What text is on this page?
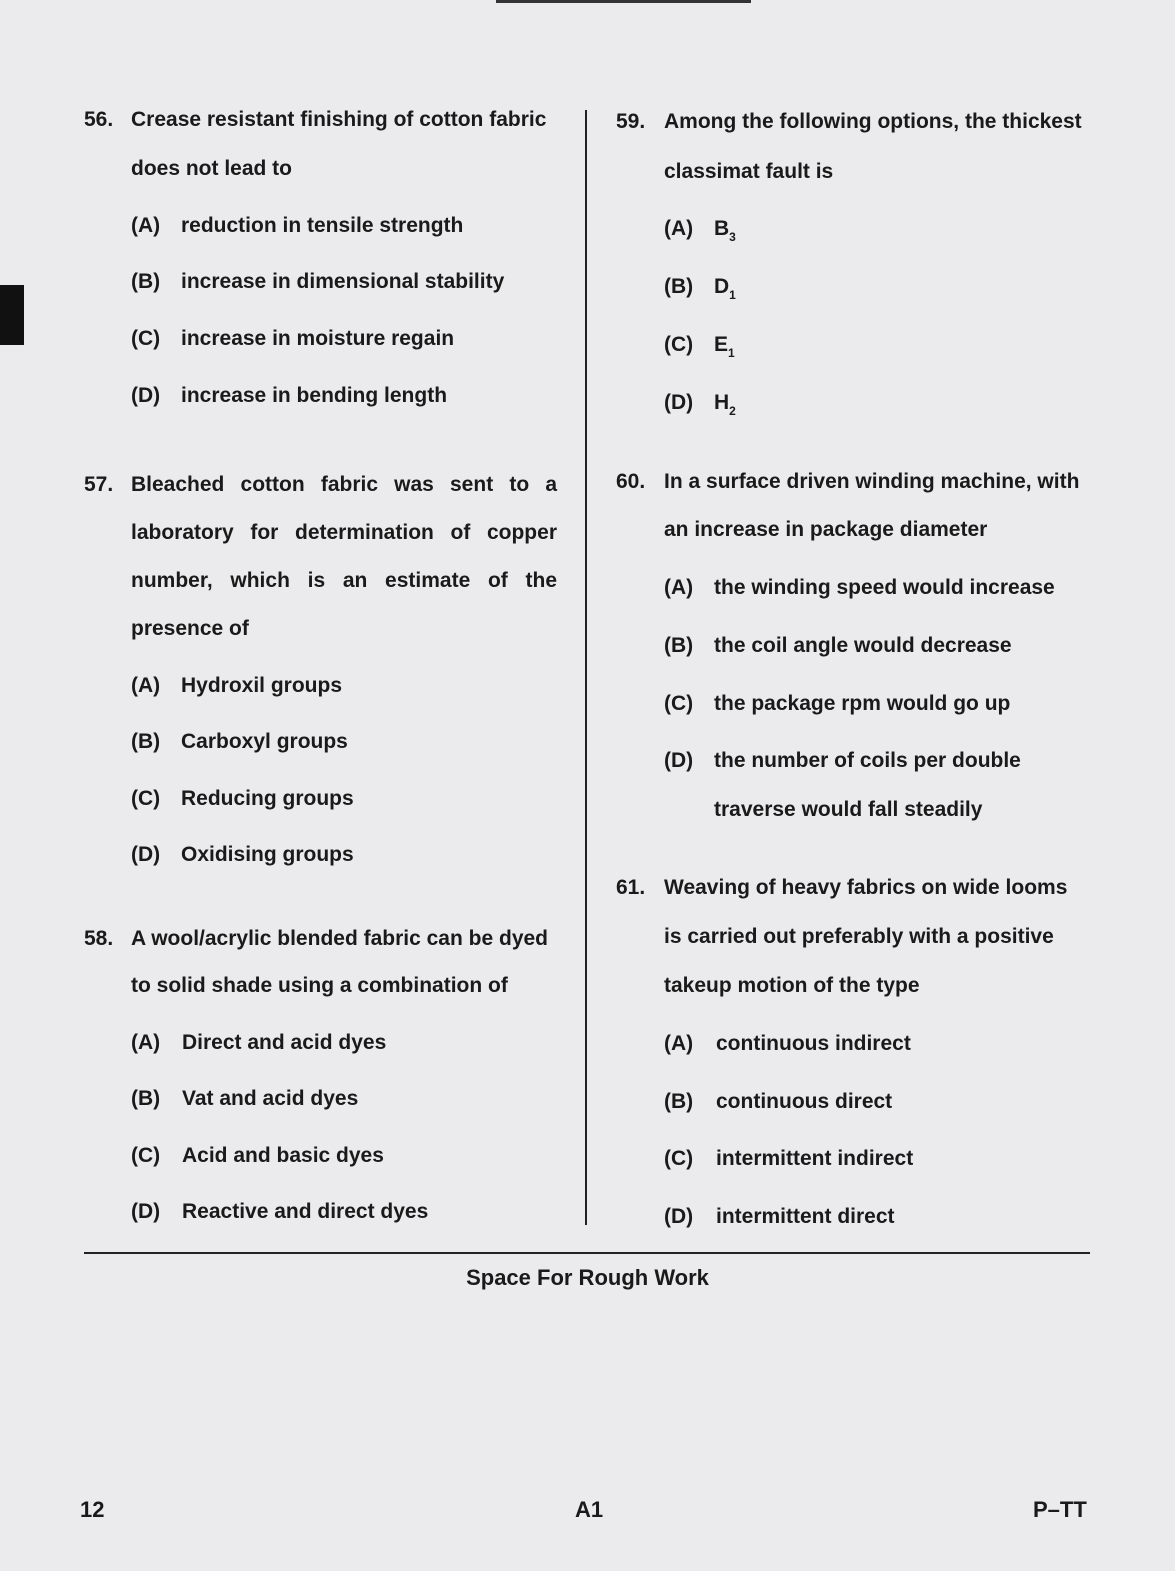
56. Crease resistant finishing of cotton fabric
does not lead to
(A) reduction in tensile strength
(B) increase in dimensional stability
(C) increase in moisture regain
(D) increase in bending length
57. Bleached cotton fabric was sent to a
laboratory for determination of copper
number, which is an estimate of the
presence of
(A) Hydroxil groups
(B) Carboxyl groups
(C) Reducing groups
(D) Oxidising groups
58. A wool/acrylic blended fabric can be dyed
to solid shade using a combination of
(A) Direct and acid dyes
(B) Vat and acid dyes
(C) Acid and basic dyes
(D) Reactive and direct dyes
59. Among the following options, the thickest
classimat fault is
(A) $B_3$
(B) $D_1$
(C) $E_1$
(D) $H_2$
60. In a surface driven winding machine, with
an increase in package diameter
(A) the winding speed would increase
(B) the coil angle would decrease
(C) the package rpm would go up
(D) the number of coils per double
traverse would fall steadily
61. Weaving of heavy fabrics on wide looms
is carried out preferably with a positive
takeup motion of the type
(A) continuous indirect
(B) continuous direct
(C) intermittent indirect
(D) intermittent direct
Space For Rough Work
12	A1	P–TT
